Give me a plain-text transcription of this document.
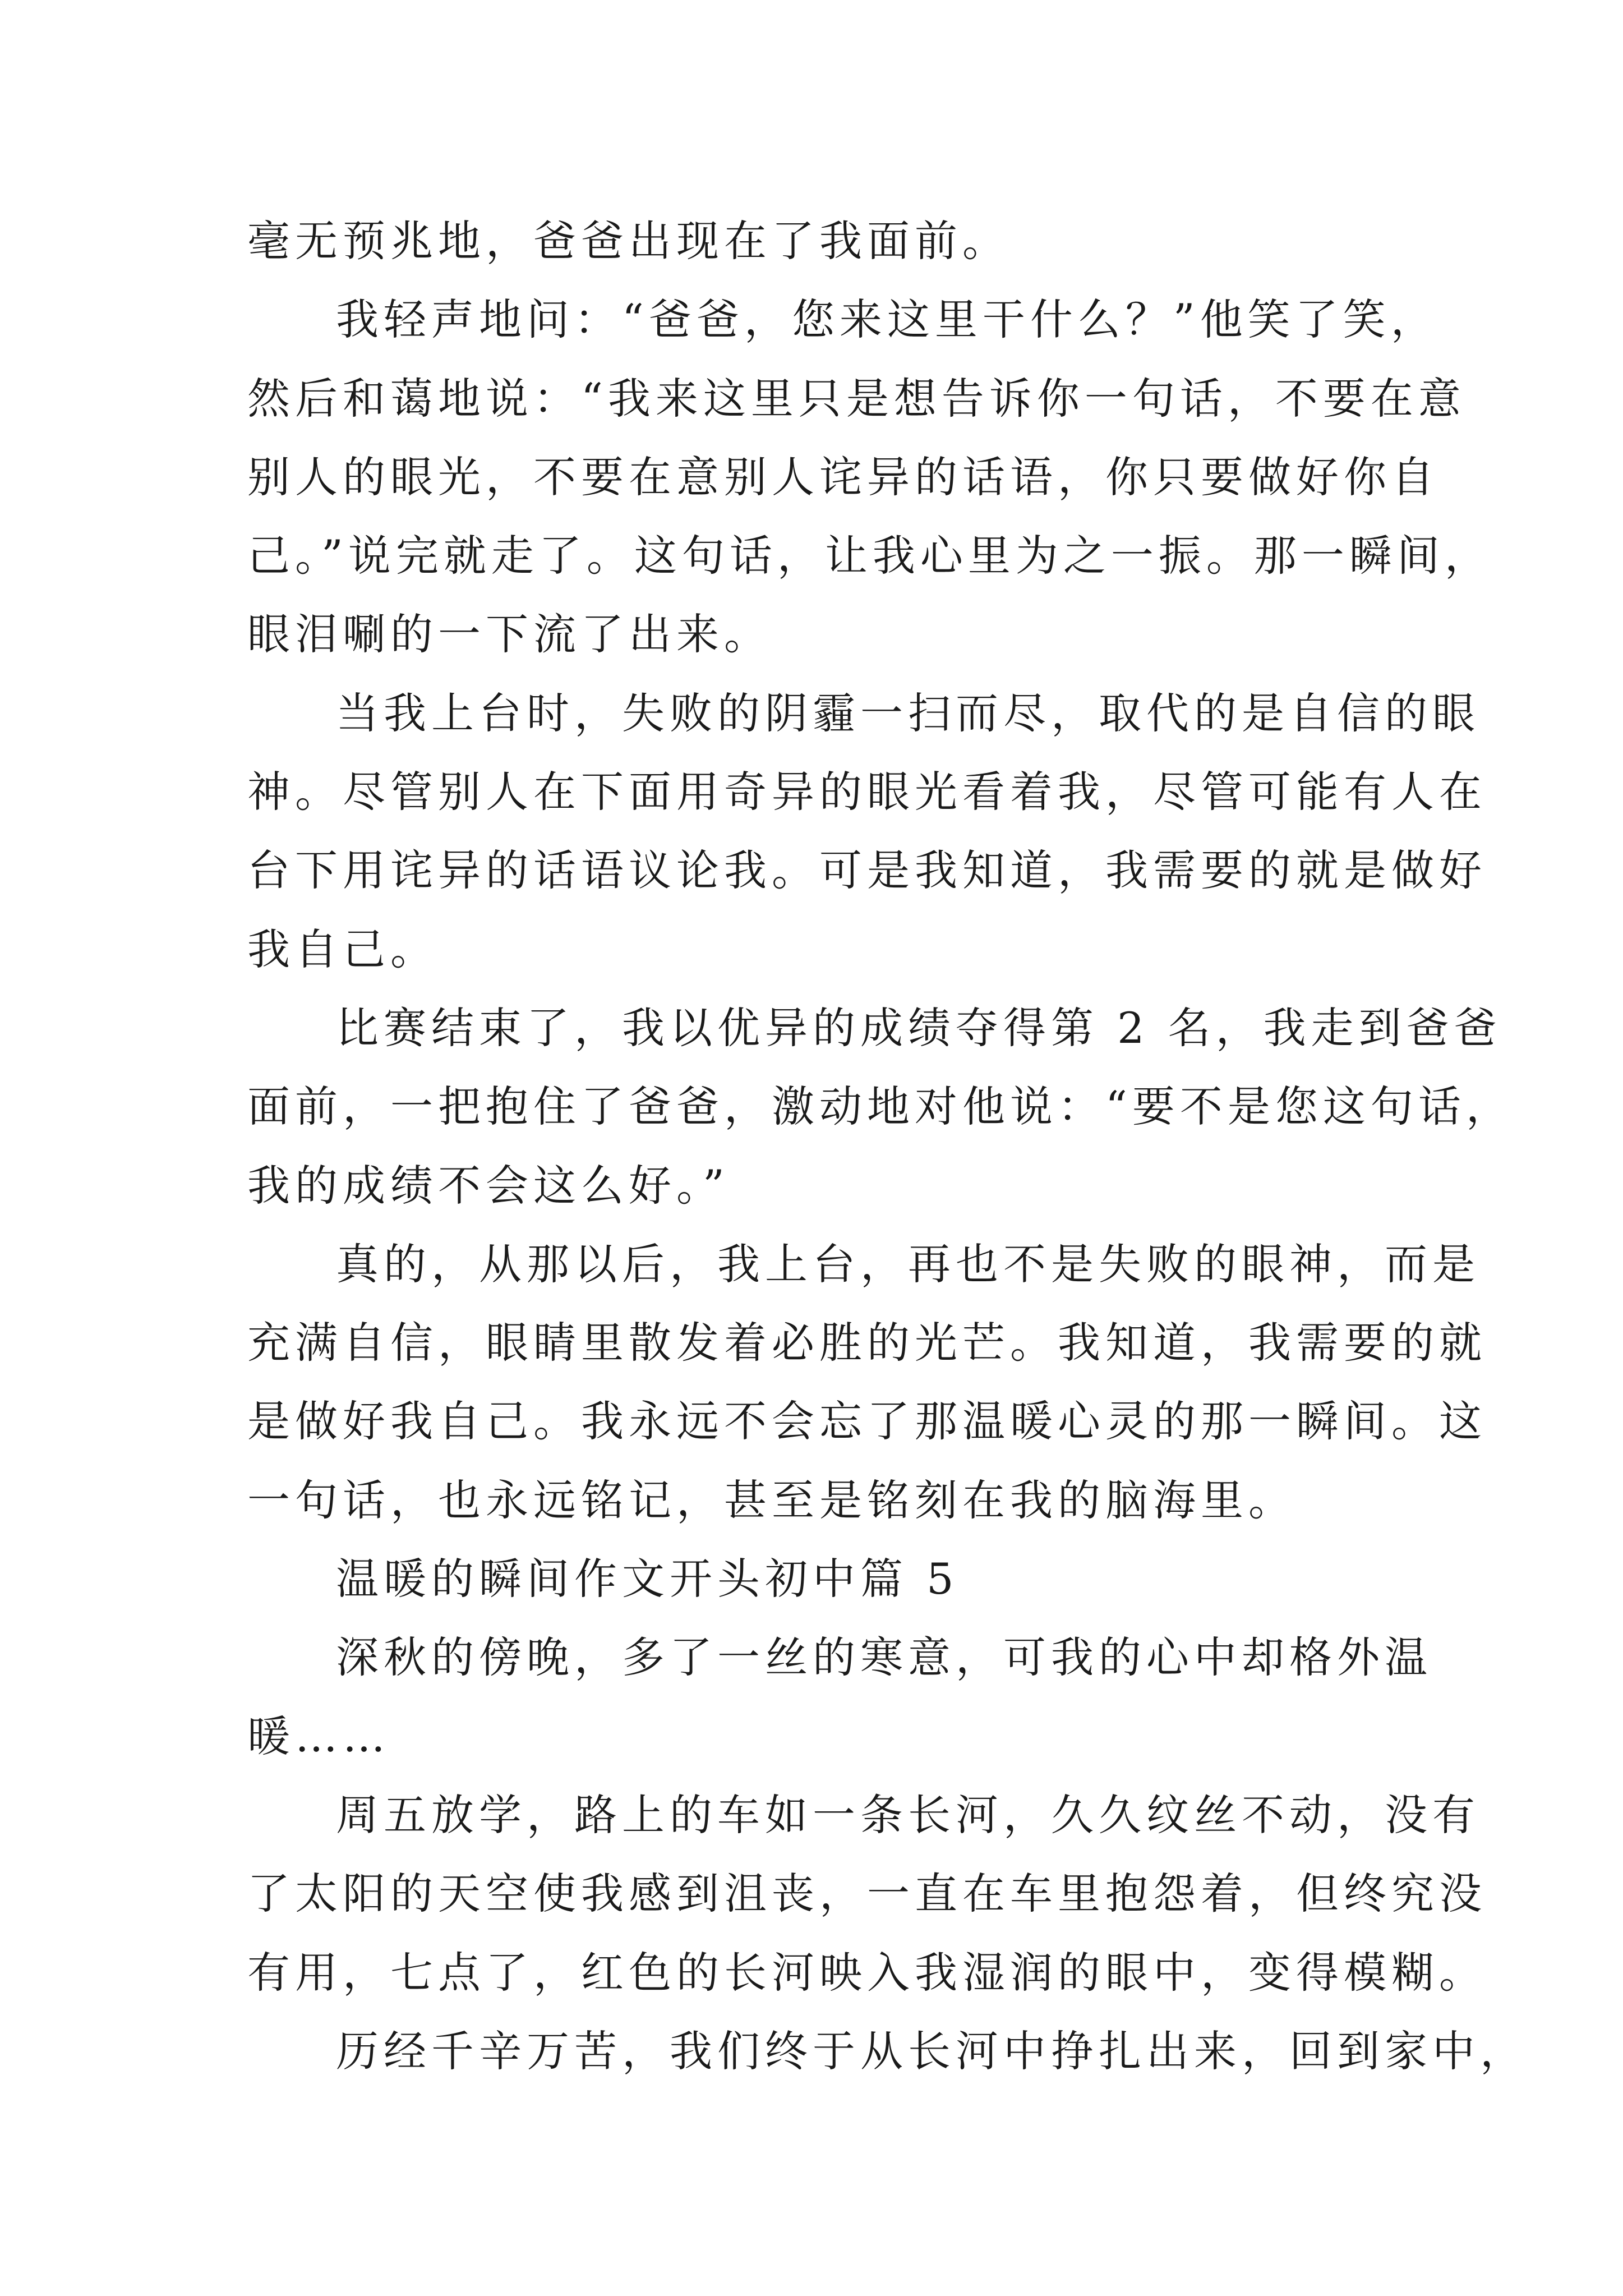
毫无预兆地，爸爸出现在了我面前。
我轻声地问：“爸爸，您来这里干什么？”他笑了笑，
然后和蔼地说：“我来这里只是想告诉你一句话，不要在意
别人的眼光，不要在意别人诧异的话语，你只要做好你自
己。”说完就走了。这句话，让我心里为之一振。那一瞬间，
眼泪唰的一下流了出来。
当我上台时，失败的阴霾一扫而尽，取代的是自信的眼
神。尽管别人在下面用奇异的眼光看着我，尽管可能有人在
台下用诧异的话语议论我。可是我知道，我需要的就是做好
我自己。
比赛结束了，我以优异的成绩夺得第 2 名，我走到爸爸
面前，一把抱住了爸爸，激动地对他说：“要不是您这句话，
我的成绩不会这么好。”
真的，从那以后，我上台，再也不是失败的眼神，而是
充满自信，眼睛里散发着必胜的光芒。我知道，我需要的就
是做好我自己。我永远不会忘了那温暖心灵的那一瞬间。这
一句话，也永远铭记，甚至是铭刻在我的脑海里。
温暖的瞬间作文开头初中篇 5
深秋的傍晚，多了一丝的寒意，可我的心中却格外温
暖……
周五放学，路上的车如一条长河，久久纹丝不动，没有
了太阳的天空使我感到沮丧，一直在车里抱怨着，但终究没
有用，七点了，红色的长河映入我湿润的眼中，变得模糊。
历经千辛万苦，我们终于从长河中挣扎出来，回到家中，
